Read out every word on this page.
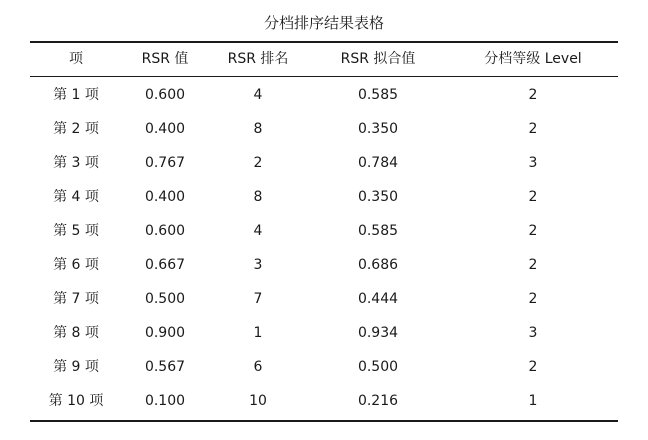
分档排序结果表格
项	RSR 值	RSR 排名	RSR 拟合值	分档等级 Level
第 1 项	0.600	4	0.585	2
第 2 项	0.400	8	0.350	2
第 3 项	0.767	2	0.784	3
第 4 项	0.400	8	0.350	2
第 5 项	0.600	4	0.585	2
第 6 项	0.667	3	0.686	2
第 7 项	0.500	7	0.444	2
第 8 项	0.900	1	0.934	3
第 9 项	0.567	6	0.500	2
第 10 项	0.100	10	0.216	1
